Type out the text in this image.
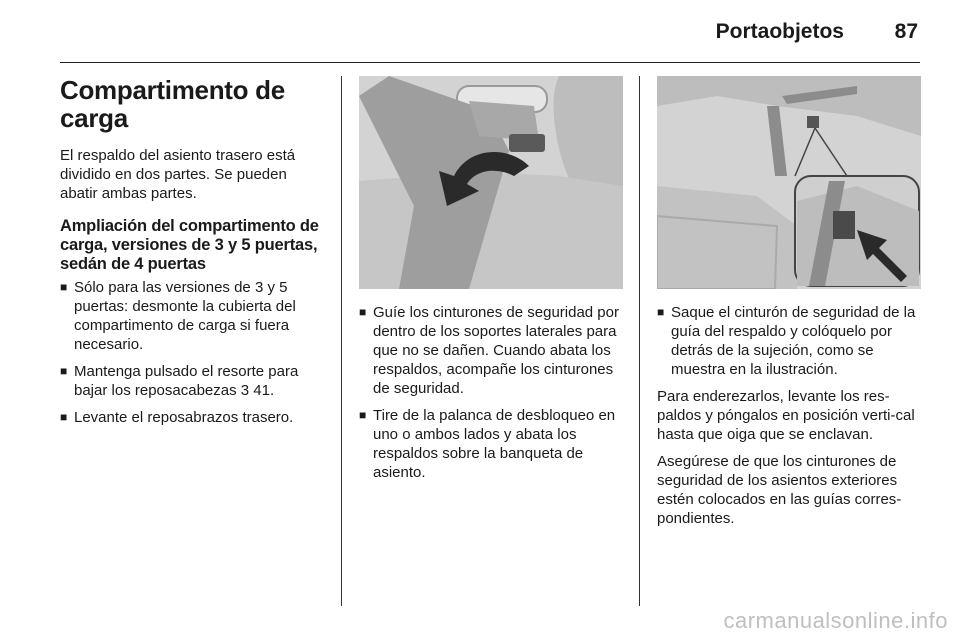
Portaobjetos 87
Compartimento de carga

El respaldo del asiento trasero está dividido en dos partes. Se pueden abatir ambas partes.

Ampliación del compartimento de carga, versiones de 3 y 5 puertas, sedán de 4 puertas
■ Sólo para las versiones de 3 y 5 puertas: desmonte la cubierta del compartimento de carga si fuera necesario.
■ Mantenga pulsado el resorte para bajar los reposacabezas 3 41.
■ Levante el reposabrazos trasero.
■ Guíe los cinturones de seguridad por dentro de los soportes laterales para que no se dañen. Cuando abata los respaldos, acompañe los cinturones de seguridad.
■ Tire de la palanca de desbloqueo en uno o ambos lados y abata los respaldos sobre la banqueta de asiento.
■ Saque el cinturón de seguridad de la guía del respaldo y colóquelo por detrás de la sujeción, como se muestra en la ilustración.

Para enderezarlos, levante los res-paldos y póngalos en posición verti-cal hasta que oiga que se enclavan.

Asegúrese de que los cinturones de seguridad de los asientos exteriores estén colocados en las guías corres-pondientes.

carmanualsonline.info
